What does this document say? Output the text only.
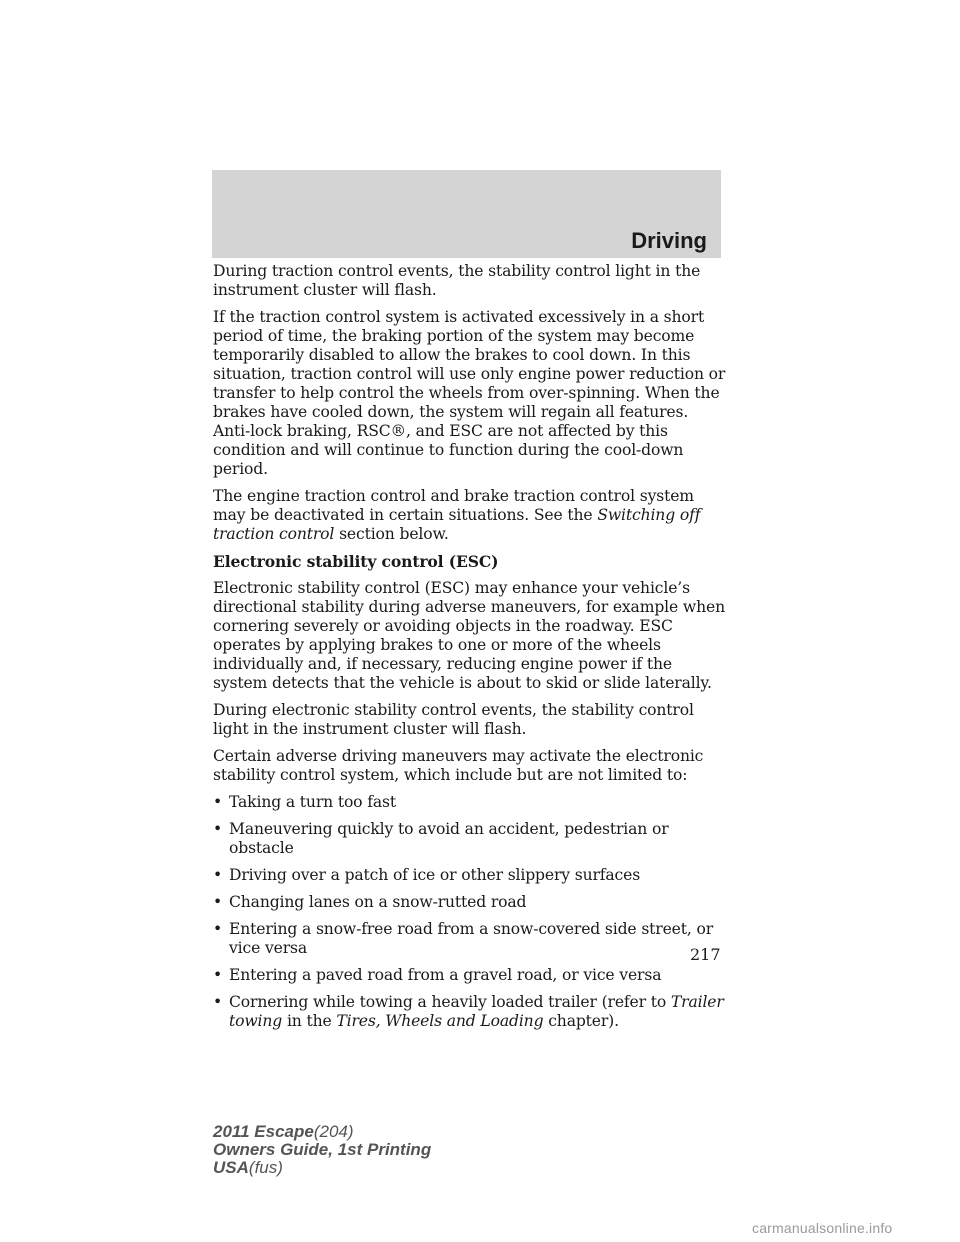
Driving

During traction control events, the stability control light in the instrument cluster will flash.

If the traction control system is activated excessively in a short period of time, the braking portion of the system may become temporarily disabled to allow the brakes to cool down. In this situation, traction control will use only engine power reduction or transfer to help control the wheels from over-spinning. When the brakes have cooled down, the system will regain all features. Anti-lock braking, RSC®, and ESC are not affected by this condition and will continue to function during the cool-down period.

The engine traction control and brake traction control system may be deactivated in certain situations. See the Switching off traction control section below.

Electronic stability control (ESC)

Electronic stability control (ESC) may enhance your vehicle’s directional stability during adverse maneuvers, for example when cornering severely or avoiding objects in the roadway. ESC operates by applying brakes to one or more of the wheels individually and, if necessary, reducing engine power if the system detects that the vehicle is about to skid or slide laterally.

During electronic stability control events, the stability control light in the instrument cluster will flash.

Certain adverse driving maneuvers may activate the electronic stability control system, which include but are not limited to:

• Taking a turn too fast
• Maneuvering quickly to avoid an accident, pedestrian or obstacle
• Driving over a patch of ice or other slippery surfaces
• Changing lanes on a snow-rutted road
• Entering a snow-free road from a snow-covered side street, or vice versa
• Entering a paved road from a gravel road, or vice versa
• Cornering while towing a heavily loaded trailer (refer to Trailer towing in the Tires, Wheels and Loading chapter).
217
2011 Escape(204)
Owners Guide, 1st Printing
USA(fus)
carmanualsonline.info
